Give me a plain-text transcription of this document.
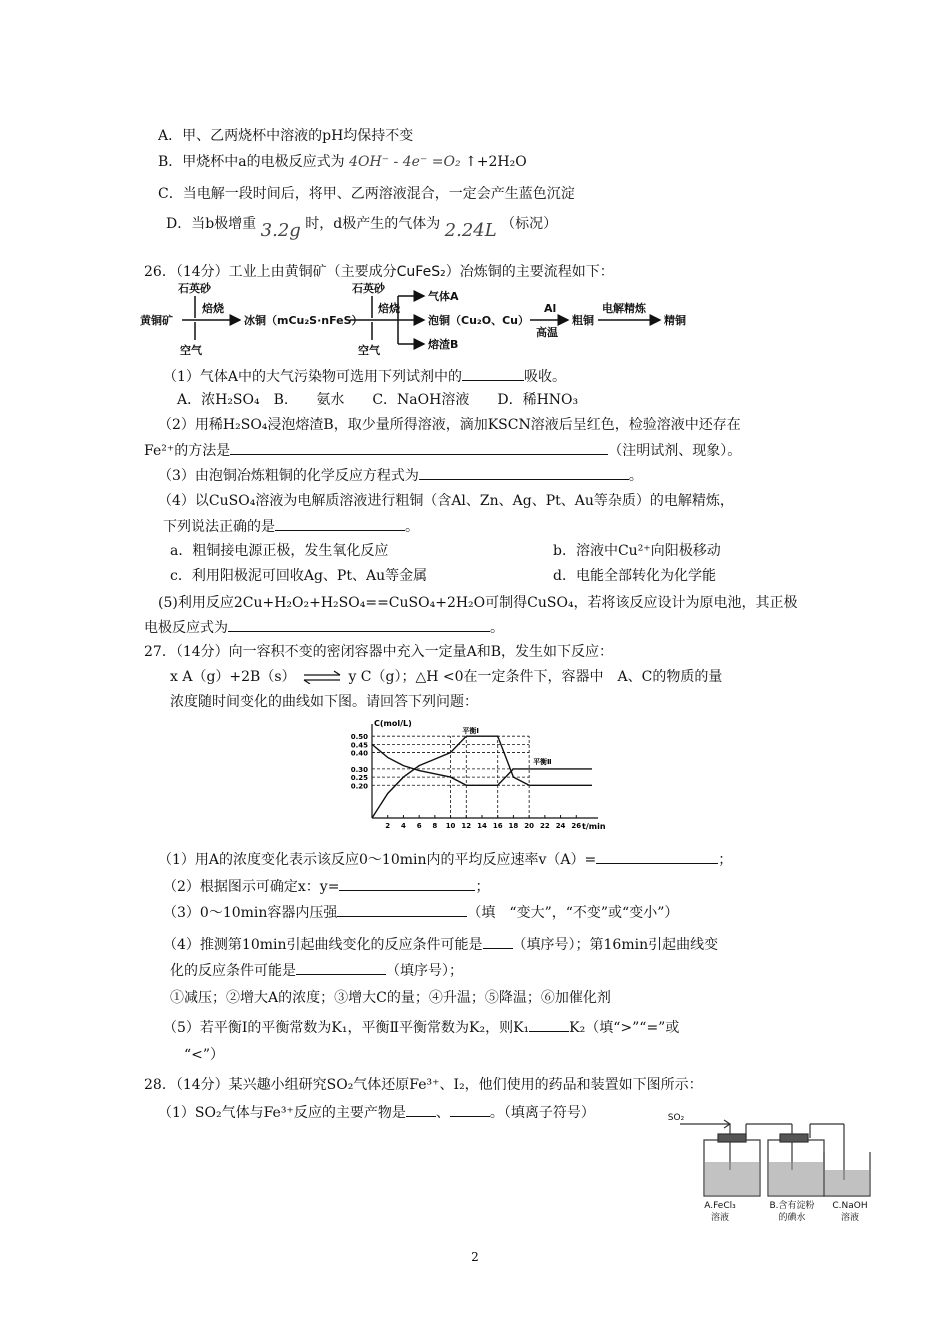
A．甲、乙两烧杯中溶液的pH均保持不变
B．甲烧杯中a的电极反应式为 4OH⁻ - 4e⁻ =O₂ ↑+2H₂O
C．当电解一段时间后，将甲、乙两溶液混合，一定会产生蓝色沉淀
D．当b极增重 3.2g 时，d极产生的气体为 2.24L （标况）
26．（14分）工业上由黄铜矿（主要成分CuFeS₂）冶炼铜的主要流程如下：
石英砂
黄铜矿
焙烧
空气
冰铜（mCu₂S·nFeS）
石英砂
焙烧
空气
气体A
泡铜（Cu₂O、Cu）
熔渣B
Al
高温
粗铜
电解精炼
精铜
（1）气体A中的大气污染物可选用下列试剂中的	吸收。
A．浓H₂SO₄　B.　　氨水　　C．NaOH溶液　　D．稀HNO₃
（2）用稀H₂SO₄浸泡熔渣B，取少量所得溶液，滴加KSCN溶液后呈红色，检验溶液中还存在
Fe²⁺的方法是	（注明试剂、现象）。
（3）由泡铜冶炼粗铜的化学反应方程式为	。
（4）以CuSO₄溶液为电解质溶液进行粗铜（含Al、Zn、Ag、Pt、Au等杂质）的电解精炼，
下列说法正确的是	。
a．粗铜接电源正极，发生氧化反应	b．溶液中Cu²⁺向阳极移动
c．利用阳极泥可回收Ag、Pt、Au等金属	d．电能全部转化为化学能
(5)利用反应2Cu+H₂O₂+H₂SO₄==CuSO₄+2H₂O可制得CuSO₄，若将该反应设计为原电池，其正极
电极反应式为	。
27．（14分）向一容积不变的密闭容器中充入一定量A和B，发生如下反应：
x A（g）+2B（s） ⇌ y C（g）；△H <0在一定条件下，容器中　A、C的物质的量
浓度随时间变化的曲线如下图。请回答下列问题：
C(mol/L)
t/min
0.50
0.45
0.40
0.30
0.25
0.20
2 4 6 8 10 12 14 16 18 20 22 24 26
平衡Ⅰ
平衡Ⅱ
（1）用A的浓度变化表示该反应0～10min内的平均反应速率v（A）=	；
（2）根据图示可确定x：y=	；
（3）0～10min容器内压强	（填　“变大”，“不变”或“变小”）
（4）推测第10min引起曲线变化的反应条件可能是 （填序号）；第16min引起曲线变
化的反应条件可能是	（填序号）；
①减压；②增大A的浓度；③增大C的量；④升温；⑤降温；⑥加催化剂
（5）若平衡Ⅰ的平衡常数为K₁，平衡Ⅱ平衡常数为K₂，则K₁	K₂（填“>”“=”或
“<”）
28．（14分）某兴趣小组研究SO₂气体还原Fe³⁺、I₂，他们使用的药品和装置如下图所示：
（1）SO₂气体与Fe³⁺反应的主要产物是 、	。（填离子符号）	SO₂
A.FeCl₃
溶液
B.含有淀粉
的碘水
C.NaOH
溶液
2
